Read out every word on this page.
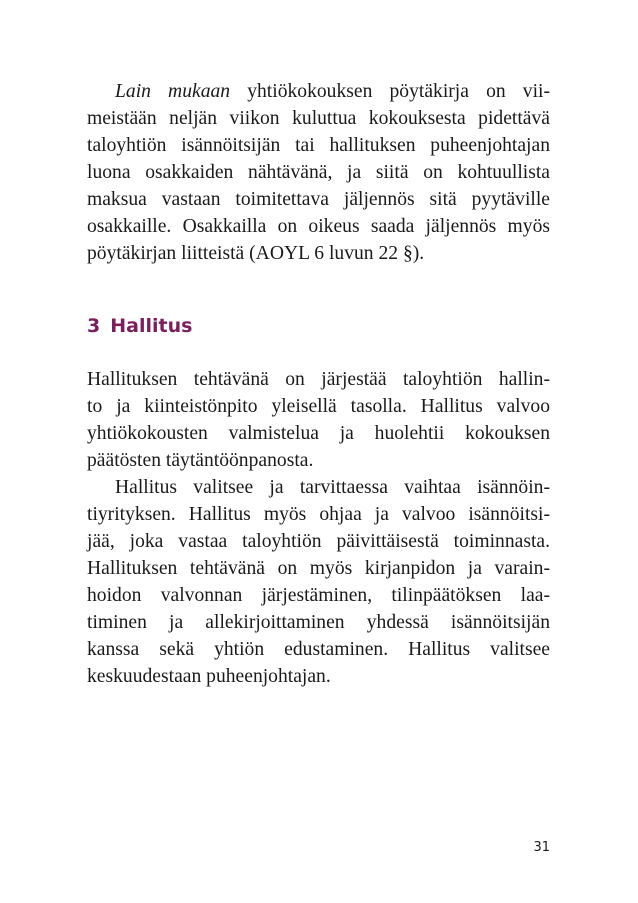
Lain mukaan yhtiökokouksen pöytäkirja on vii-
meistään neljän viikon kuluttua kokouksesta pidettävä
taloyhtiön isännöitsijän tai hallituksen puheenjohtajan
luona osakkaiden nähtävänä, ja siitä on kohtuullista
maksua vastaan toimitettava jäljennös sitä pyytäville
osakkaille. Osakkailla on oikeus saada jäljennös myös
pöytäkirjan liitteistä (AOYL 6 luvun 22 §).
3 Hallitus
Hallituksen tehtävänä on järjestää taloyhtiön hallin-
to ja kiinteistönpito yleisellä tasolla. Hallitus valvoo
yhtiökokousten valmistelua ja huolehtii kokouksen
päätösten täytäntöönpanosta.
Hallitus valitsee ja tarvittaessa vaihtaa isännöin-
tiyrityksen. Hallitus myös ohjaa ja valvoo isännöitsi-
jää, joka vastaa taloyhtiön päivittäisestä toiminnasta.
Hallituksen tehtävänä on myös kirjanpidon ja varain-
hoidon valvonnan järjestäminen, tilinpäätöksen laa-
timinen ja allekirjoittaminen yhdessä isännöitsijän
kanssa sekä yhtiön edustaminen. Hallitus valitsee
keskuudestaan puheenjohtajan.
31
